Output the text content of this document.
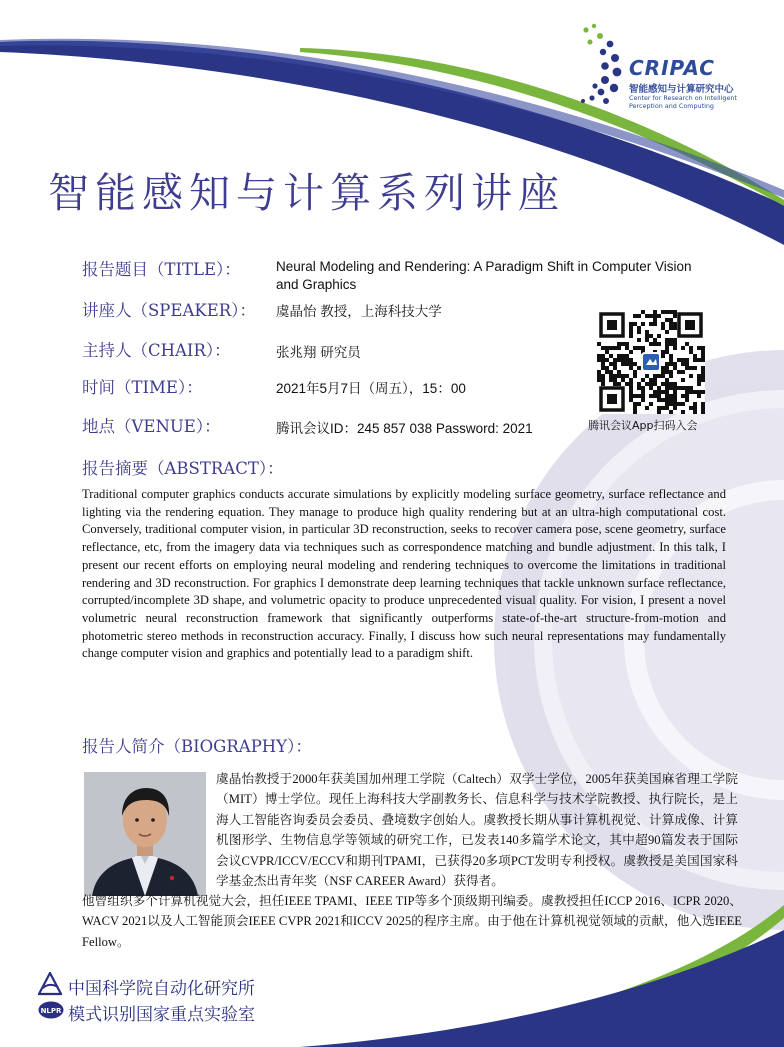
CRIPAC
智能感知与计算研究中心
Center for Research on Intelligent
Perception and Computing
智能感知与计算系列讲座
报告题目（TITLE）：	Neural Modeling and Rendering: A Paradigm Shift in Computer Vision and Graphics
讲座人（SPEAKER）： 虞晶怡 教授，上海科技大学
主持人（CHAIR）：	张兆翔 研究员
时间（TIME）：	2021年5月7日（周五），15：00
地点（VENUE）：	腾讯会议ID：245 857 038 Password: 2021	腾讯会议App扫码入会
报告摘要（ABSTRACT）：
Traditional computer graphics conducts accurate simulations by explicitly modeling surface geometry, surface reflectance and lighting via the rendering equation. They manage to produce high quality rendering but at an ultra-high computational cost. Conversely, traditional computer vision, in particular 3D reconstruction, seeks to recover camera pose, scene geometry, surface reflectance, etc, from the imagery data via techniques such as correspondence matching and bundle adjustment. In this talk, I present our recent efforts on employing neural modeling and rendering techniques to overcome the limitations in traditional rendering and 3D reconstruction. For graphics I demonstrate deep learning techniques that tackle unknown surface reflectance, corrupted/incomplete 3D shape, and volumetric opacity to produce unprecedented visual quality. For vision, I present a novel volumetric neural reconstruction framework that significantly outperforms state-of-the-art structure-from-motion and photometric stereo methods in reconstruction accuracy. Finally, I discuss how such neural representations may fundamentally change computer vision and graphics and potentially lead to a paradigm shift.
报告人简介（BIOGRAPHY）：
虞晶怡教授于2000年获美国加州理工学院（Caltech）双学士学位，2005年获美国麻省理工学院（MIT）博士学位。现任上海科技大学副教务长、信息科学与技术学院教授、执行院长，是上海人工智能咨询委员会委员、叠境数字创始人。虞教授长期从事计算机视觉、计算成像、计算机图形学、生物信息学等领域的研究工作，已发表140多篇学术论文，其中超90篇发表于国际会议CVPR/ICCV/ECCV和期刊TPAMI，已获得20多项PCT发明专利授权。虞教授是美国国家科学基金杰出青年奖（NSF CAREER Award）获得者。
他曾组织多个计算机视觉大会，担任IEEE TPAMI、IEEE TIP等多个顶级期刊编委。虞教授担任ICCP 2016、ICPR 2020、WACV 2021以及人工智能顶会IEEE CVPR 2021和ICCV 2025的程序主席。由于他在计算机视觉领域的贡献，他入选IEEE Fellow。
中国科学院自动化研究所
NLPR 模式识别国家重点实验室
